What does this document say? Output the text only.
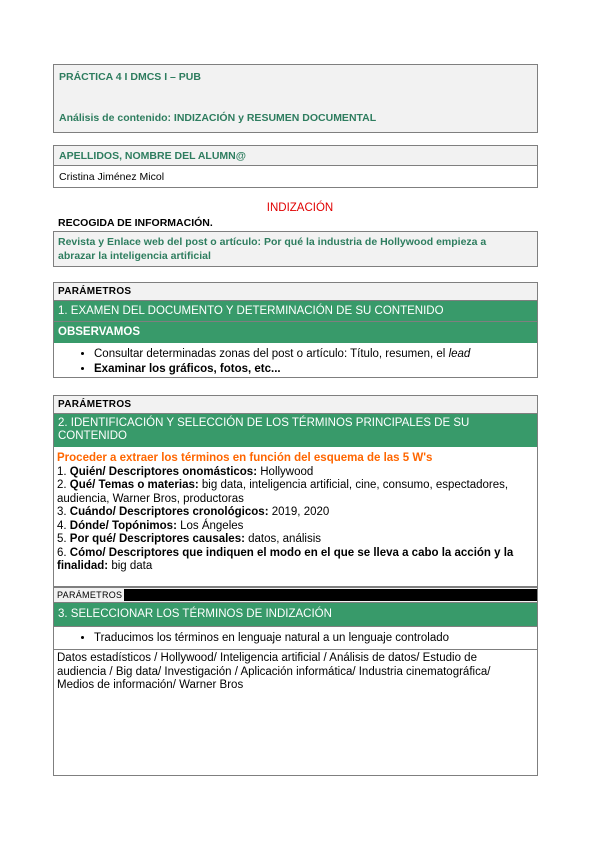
PRÁCTICA 4 I DMCS I – PUB
Análisis de contenido: INDIZACIÓN y RESUMEN DOCUMENTAL
APELLIDOS, NOMBRE DEL ALUMN@
Cristina Jiménez Micol
INDIZACIÓN
RECOGIDA DE INFORMACIÓN.
Revista y Enlace web del post o artículo: Por qué la industria de Hollywood empieza a
abrazar la inteligencia artificial
PARÁMETROS
1. EXAMEN DEL DOCUMENTO Y DETERMINACIÓN DE SU CONTENIDO
OBSERVAMOS
• Consultar determinadas zonas del post o artículo: Título, resumen, el lead
• Examinar los gráficos, fotos, etc...
PARÁMETROS
2. IDENTIFICACIÓN Y SELECCIÓN DE LOS TÉRMINOS PRINCIPALES DE SU
CONTENIDO
Proceder a extraer los términos en función del esquema de las 5 W's
1. Quién/ Descriptores onomásticos: Hollywood
2. Qué/ Temas o materias: big data, inteligencia artificial, cine, consumo, espectadores,
audiencia, Warner Bros, productoras
3. Cuándo/ Descriptores cronológicos: 2019, 2020
4. Dónde/ Topónimos: Los Ángeles
5. Por qué/ Descriptores causales: datos, análisis
6. Cómo/ Descriptores que indiquen el modo en el que se lleva a cabo la acción y la
finalidad: big data
PARÁMETROS
3. SELECCIONAR LOS TÉRMINOS DE INDIZACIÓN
• Traducimos los términos en lenguaje natural a un lenguaje controlado
Datos estadísticos / Hollywood/ Inteligencia artificial / Análisis de datos/ Estudio de
audiencia / Big data/ Investigación / Aplicación informática/ Industria cinematográfica/
Medios de información/ Warner Bros
